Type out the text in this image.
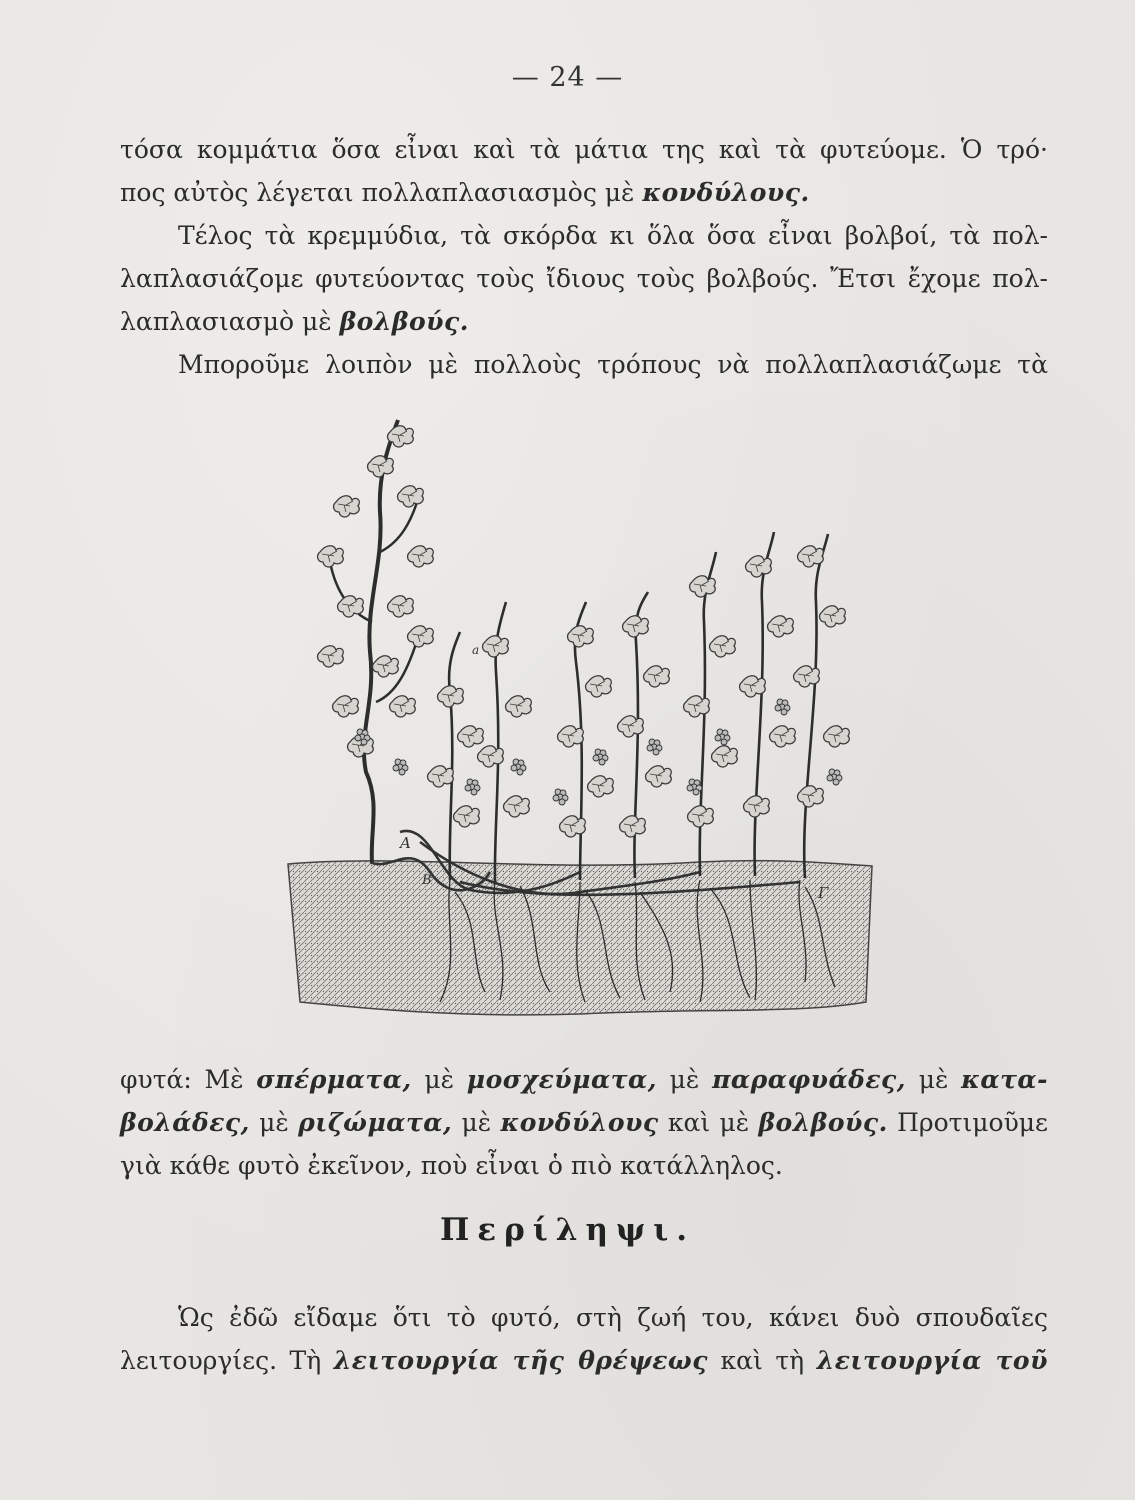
— 24 —
τόσα κομμάτια ὅσα εἶναι καὶ τὰ μάτια της καὶ τὰ φυτεύομε. Ὁ τρό·
πος αὐτὸς λέγεται πολλαπλασιασμὸς μὲ κονδύλους.
Τέλος τὰ κρεμμύδια, τὰ σκόρδα κι ὅλα ὅσα εἶναι βολβοί, τὰ πολ-
λαπλασιάζομε φυτεύοντας τοὺς ἴδιους τοὺς βολβούς. Ἔτσι ἔχομε πολ-
λαπλασιασμὸ μὲ βολβούς.
Μποροῦμε λοιπὸν μὲ πολλοὺς τρόπους νὰ πολλαπλασιάζωμε τὰ
A
Β
Γ
a
φυτά: Μὲ σπέρματα, μὲ μοσχεύματα, μὲ παραφυάδες, μὲ κατα-
βολάδες, μὲ ριζώματα, μὲ κονδύλους καὶ μὲ βολβούς. Προτιμοῦμε
γιὰ κάθε φυτὸ ἐκεῖνον, ποὺ εἶναι ὁ πιὸ κατάλληλος.
Περίληψι.
Ὡς ἐδῶ εἴδαμε ὅτι τὸ φυτό, στὴ ζωή του, κάνει δυὸ σπουδαῖες
λειτουργίες. Τὴ λειτουργία τῆς θρέψεως καὶ τὴ λειτουργία τοῦ
